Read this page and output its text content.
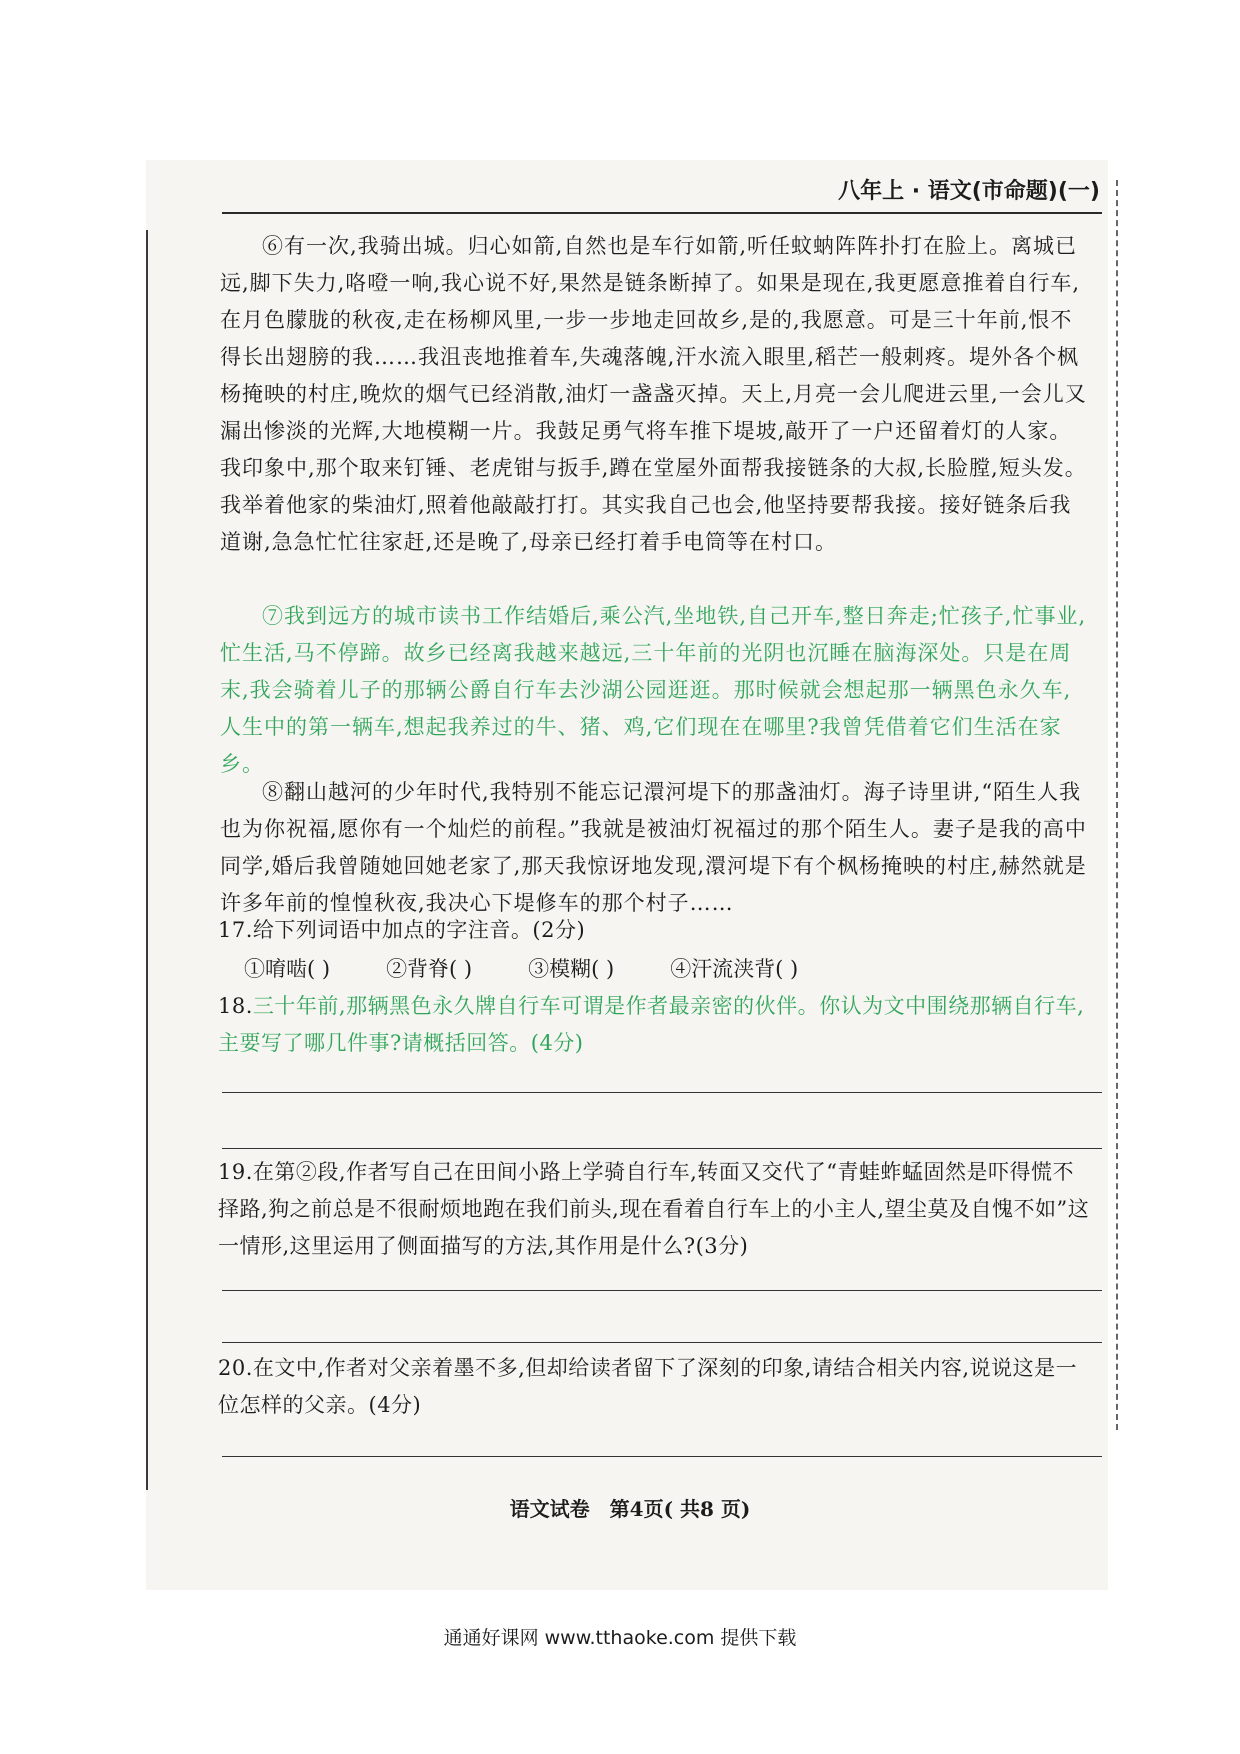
八年上 · 语文(市命题)(一)

⑥有一次,我骑出城。归心如箭,自然也是车行如箭,听任蚊蚋阵阵扑打在脸上。离城已远,脚下失力,咯噔一响,我心说不好,果然是链条断掉了。如果是现在,我更愿意推着自行车,在月色朦胧的秋夜,走在杨柳风里,一步一步地走回故乡,是的,我愿意。可是三十年前,恨不得长出翅膀的我……我沮丧地推着车,失魂落魄,汗水流入眼里,稻芒一般刺疼。堤外各个枫杨掩映的村庄,晚炊的烟气已经消散,油灯一盏盏灭掉。天上,月亮一会儿爬进云里,一会儿又漏出惨淡的光辉,大地模糊一片。我鼓足勇气将车推下堤坡,敲开了一户还留着灯的人家。我印象中,那个取来钉锤、老虎钳与扳手,蹲在堂屋外面帮我接链条的大叔,长脸膛,短头发。我举着他家的柴油灯,照着他敲敲打打。其实我自己也会,他坚持要帮我接。接好链条后我道谢,急急忙忙往家赶,还是晚了,母亲已经打着手电筒等在村口。

⑦我到远方的城市读书工作结婚后,乘公汽,坐地铁,自己开车,整日奔走;忙孩子,忙事业,忙生活,马不停蹄。故乡已经离我越来越远,三十年前的光阴也沉睡在脑海深处。只是在周末,我会骑着儿子的那辆公爵自行车去沙湖公园逛逛。那时候就会想起那一辆黑色永久车,人生中的第一辆车,想起我养过的牛、猪、鸡,它们现在在哪里?我曾凭借着它们生活在家乡。

⑧翻山越河的少年时代,我特别不能忘记澴河堤下的那盏油灯。海子诗里讲,“陌生人我也为你祝福,愿你有一个灿烂的前程。”我就是被油灯祝福过的那个陌生人。妻子是我的高中同学,婚后我曾随她回她老家了,那天我惊讶地发现,澴河堤下有个枫杨掩映的村庄,赫然就是许多年前的惶惶秋夜,我决心下堤修车的那个村子……

17.给下列词语中加点的字注音。(2分)

①唷啮( )	②背脊( )	③模糊( )	④汗流浃背( )

18.三十年前,那辆黑色永久牌自行车可谓是作者最亲密的伙伴。你认为文中围绕那辆自行车,主要写了哪几件事?请概括回答。(4分)

19.在第②段,作者写自己在田间小路上学骑自行车,转面又交代了“青蛙蚱蜢固然是吓得慌不择路,狗之前总是不很耐烦地跑在我们前头,现在看着自行车上的小主人,望尘莫及自愧不如”这一情形,这里运用了侧面描写的方法,其作用是什么?(3分)

20.在文中,作者对父亲着墨不多,但却给读者留下了深刻的印象,请结合相关内容,说说这是一位怎样的父亲。(4分)

语文试卷　第4页( 共8 页)
通通好课网 www.tthaoke.com 提供下载
